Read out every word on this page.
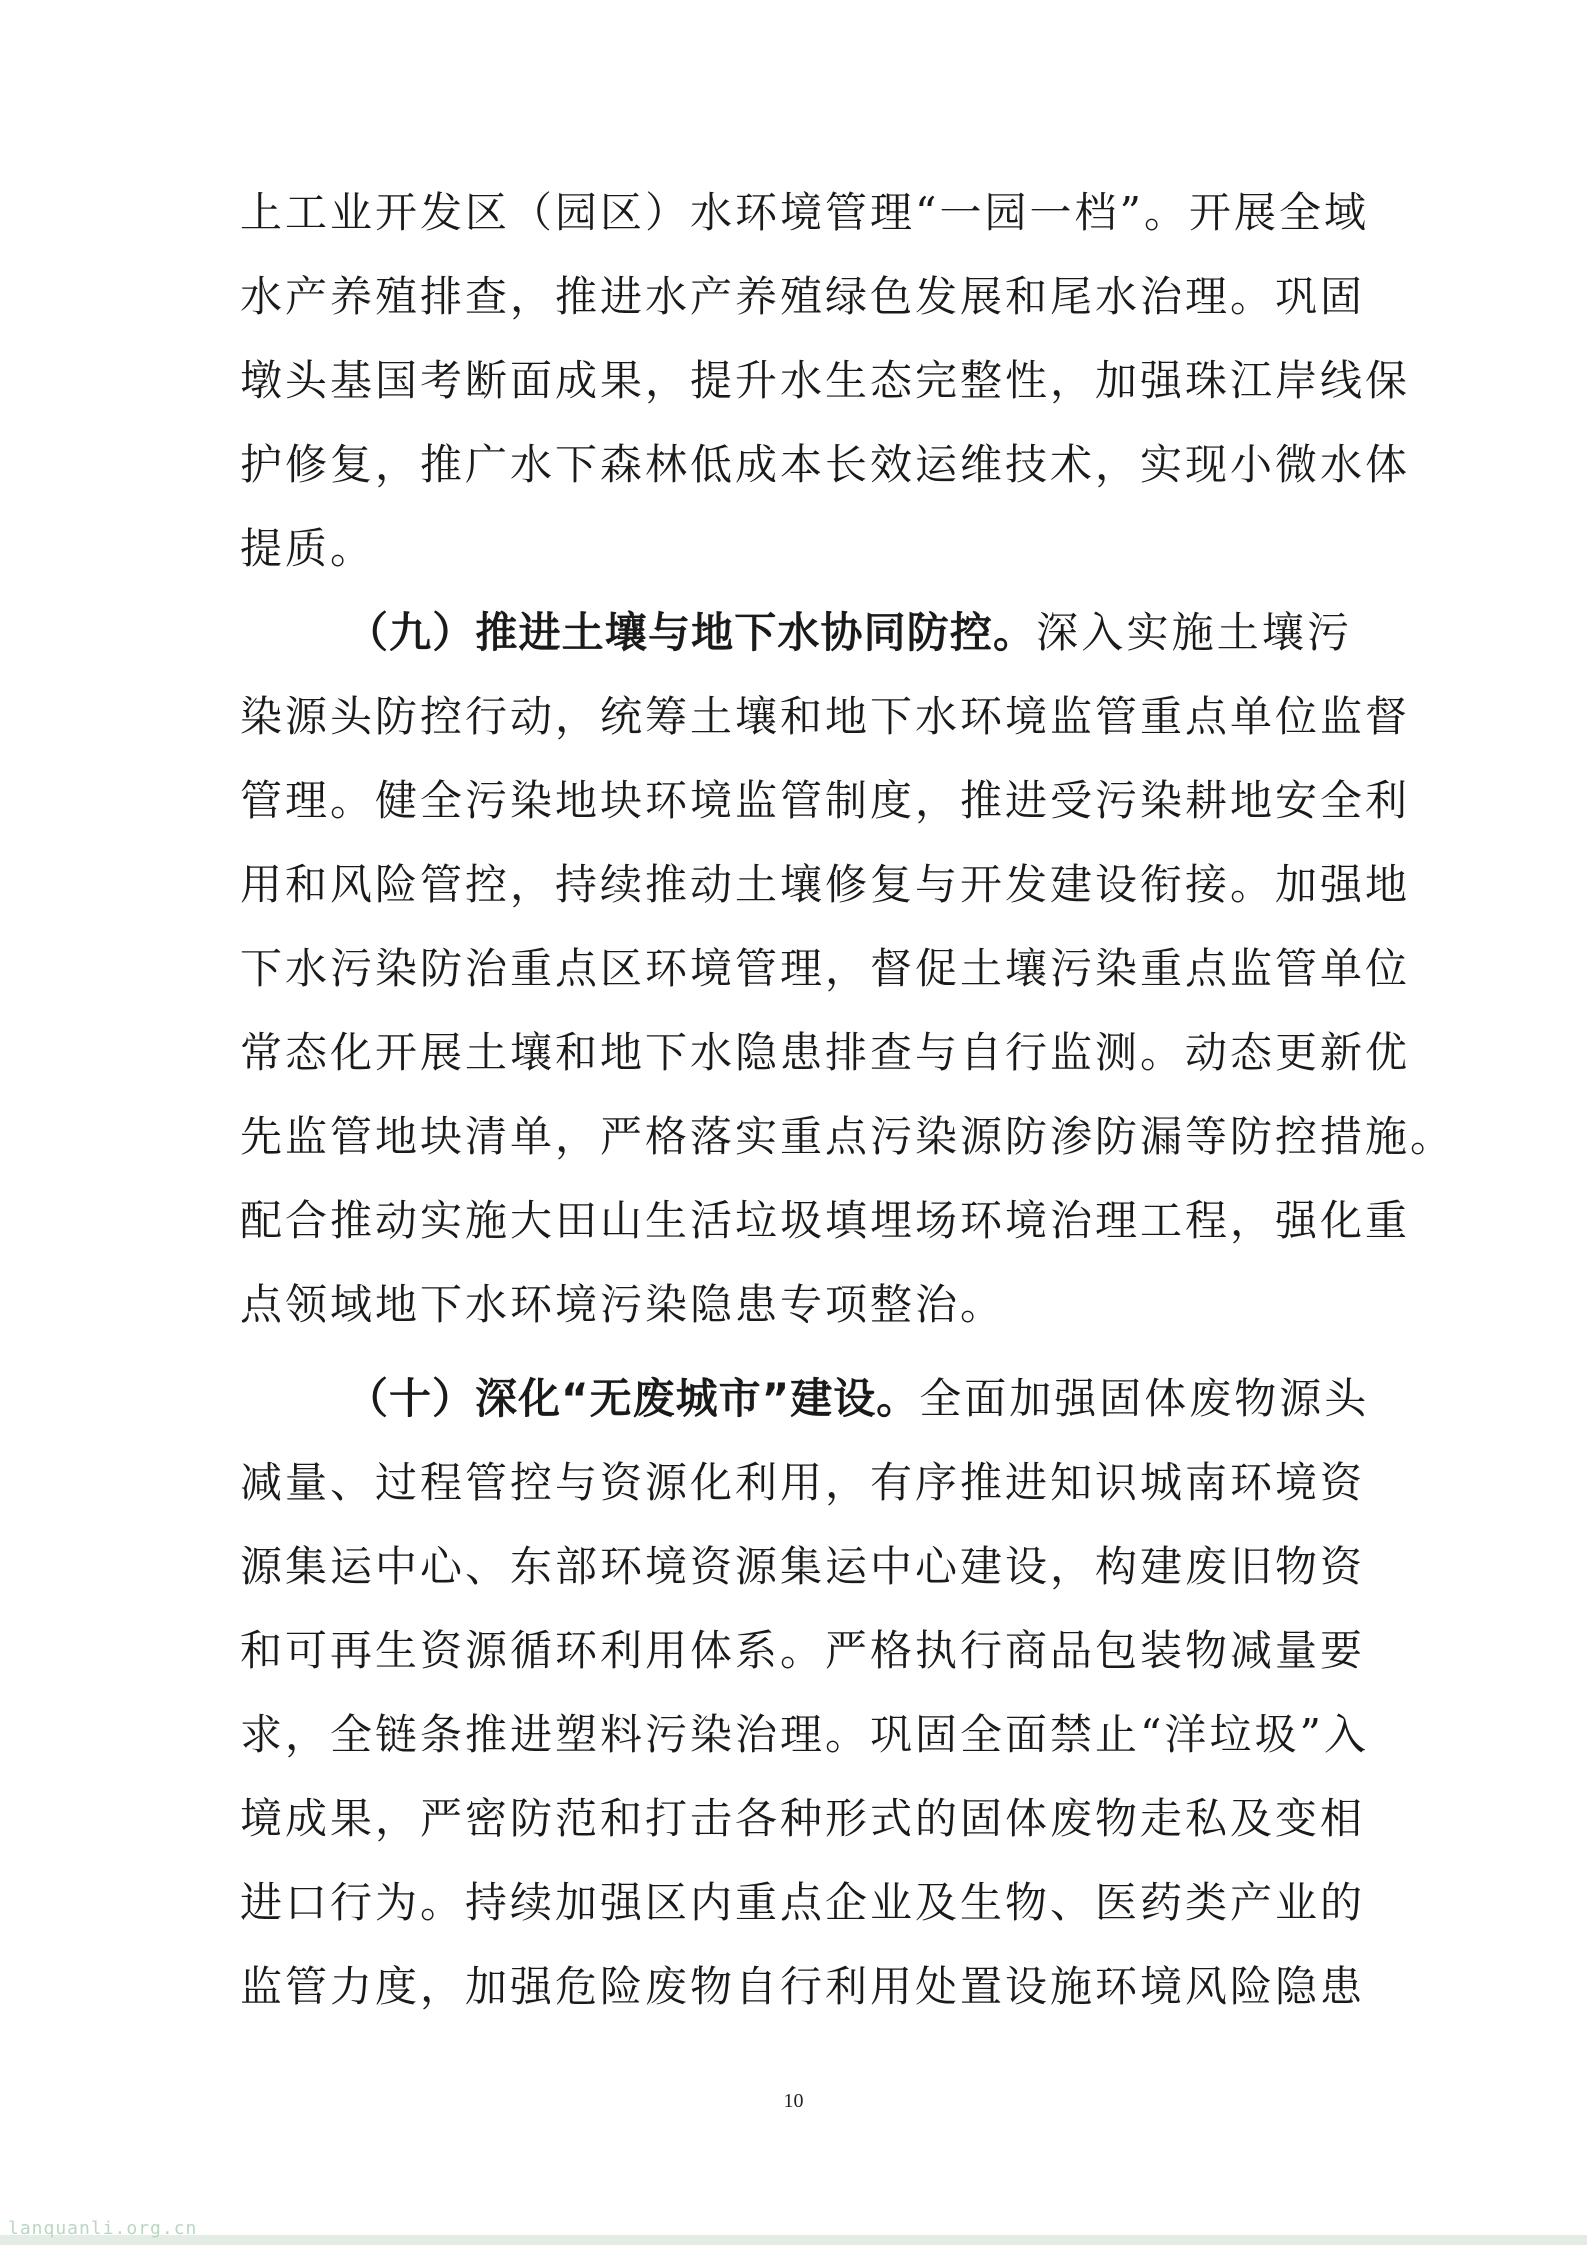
上工业开发区（园区）水环境管理“一园一档”。开展全域
水产养殖排查，推进水产养殖绿色发展和尾水治理。巩固
墩头基国考断面成果，提升水生态完整性，加强珠江岸线保
护修复，推广水下森林低成本长效运维技术，实现小微水体
提质。
（九）推进土壤与地下水协同防控。深入实施土壤污
染源头防控行动，统筹土壤和地下水环境监管重点单位监督
管理。健全污染地块环境监管制度，推进受污染耕地安全利
用和风险管控，持续推动土壤修复与开发建设衔接。加强地
下水污染防治重点区环境管理，督促土壤污染重点监管单位
常态化开展土壤和地下水隐患排查与自行监测。动态更新优
先监管地块清单，严格落实重点污染源防渗防漏等防控措施。
配合推动实施大田山生活垃圾填埋场环境治理工程，强化重
点领域地下水环境污染隐患专项整治。
（十）深化“无废城市”建设。全面加强固体废物源头
减量、过程管控与资源化利用，有序推进知识城南环境资
源集运中心、东部环境资源集运中心建设，构建废旧物资
和可再生资源循环利用体系。严格执行商品包装物减量要
求，全链条推进塑料污染治理。巩固全面禁止“洋垃圾”入
境成果，严密防范和打击各种形式的固体废物走私及变相
进口行为。持续加强区内重点企业及生物、医药类产业的
监管力度，加强危险废物自行利用处置设施环境风险隐患
10
lanquanli.org.cn
